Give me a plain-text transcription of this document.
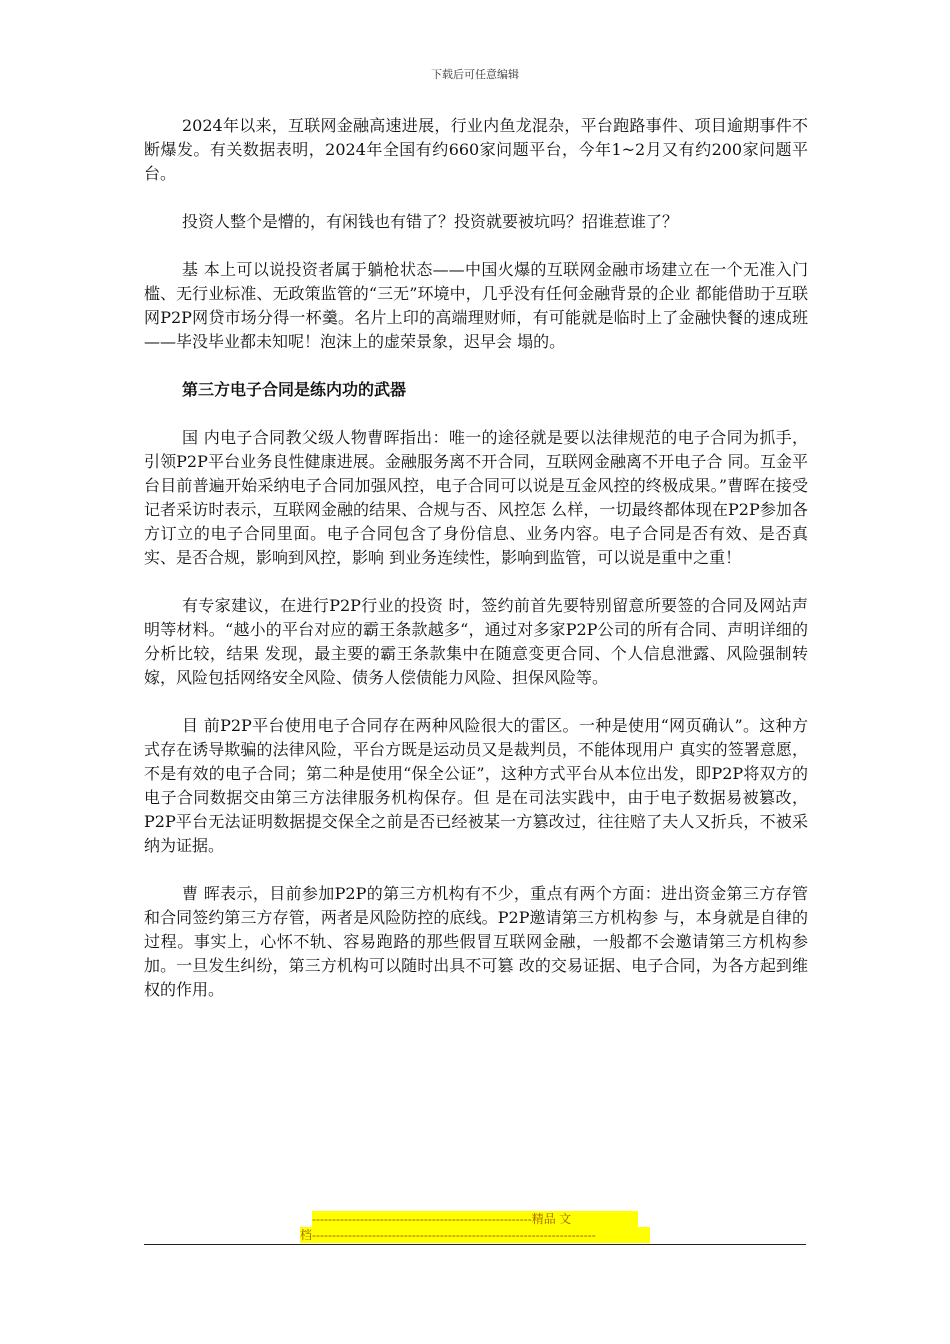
下载后可任意编辑

2024年以来，互联网金融高速进展，行业内鱼龙混杂，平台跑路事件、项目逾期事件不断爆发。有关数据表明，2024年全国有约660家问题平台，今年1~2月又有约200家问题平台。

投资人整个是懵的，有闲钱也有错了？投资就要被坑吗？招谁惹谁了？

基 本上可以说投资者属于躺枪状态——中国火爆的互联网金融市场建立在一个无准入门槛、无行业标准、无政策监管的“三无”环境中，几乎没有任何金融背景的企业 都能借助于互联网P2P网贷市场分得一杯羹。名片上印的高端理财师，有可能就是临时上了金融快餐的速成班——毕没毕业都未知呢！泡沫上的虚荣景象，迟早会 塌的。

第三方电子合同是练内功的武器

国 内电子合同教父级人物曹晖指出：唯一的途径就是要以法律规范的电子合同为抓手，引领P2P平台业务良性健康进展。金融服务离不开合同，互联网金融离不开电子合 同。互金平台目前普遍开始采纳电子合同加强风控，电子合同可以说是互金风控的终极成果。”曹晖在接受记者采访时表示，互联网金融的结果、合规与否、风控怎 么样，一切最终都体现在P2P参加各方订立的电子合同里面。电子合同包含了身份信息、业务内容。电子合同是否有效、是否真实、是否合规，影响到风控，影响 到业务连续性，影响到监管，可以说是重中之重！

有专家建议，在进行P2P行业的投资 时，签约前首先要特别留意所要签的合同及网站声明等材料。“越小的平台对应的霸王条款越多“，通过对多家P2P公司的所有合同、声明详细的分析比较，结果 发现，最主要的霸王条款集中在随意变更合同、个人信息泄露、风险强制转嫁，风险包括网络安全风险、债务人偿债能力风险、担保风险等。

目 前P2P平台使用电子合同存在两种风险很大的雷区。一种是使用“网页确认”。这种方式存在诱导欺骗的法律风险，平台方既是运动员又是裁判员，不能体现用户 真实的签署意愿，不是有效的电子合同；第二种是使用“保全公证”，这种方式平台从本位出发，即P2P将双方的电子合同数据交由第三方法律服务机构保存。但 是在司法实践中，由于电子数据易被篡改，P2P平台无法证明数据提交保全之前是否已经被某一方篡改过，往往赔了夫人又折兵，不被采纳为证据。

曹 晖表示，目前参加P2P的第三方机构有不少，重点有两个方面：进出资金第三方存管和合同签约第三方存管，两者是风险防控的底线。P2P邀请第三方机构参 与，本身就是自律的过程。事实上，心怀不轨、容易跑路的那些假冒互联网金融，一般都不会邀请第三方机构参加。一旦发生纠纷，第三方机构可以随时出具不可篡 改的交易证据、电子合同，为各方起到维权的作用。

-------------------------------------------------------精品 文
档-----------------------------------------------------------------------
